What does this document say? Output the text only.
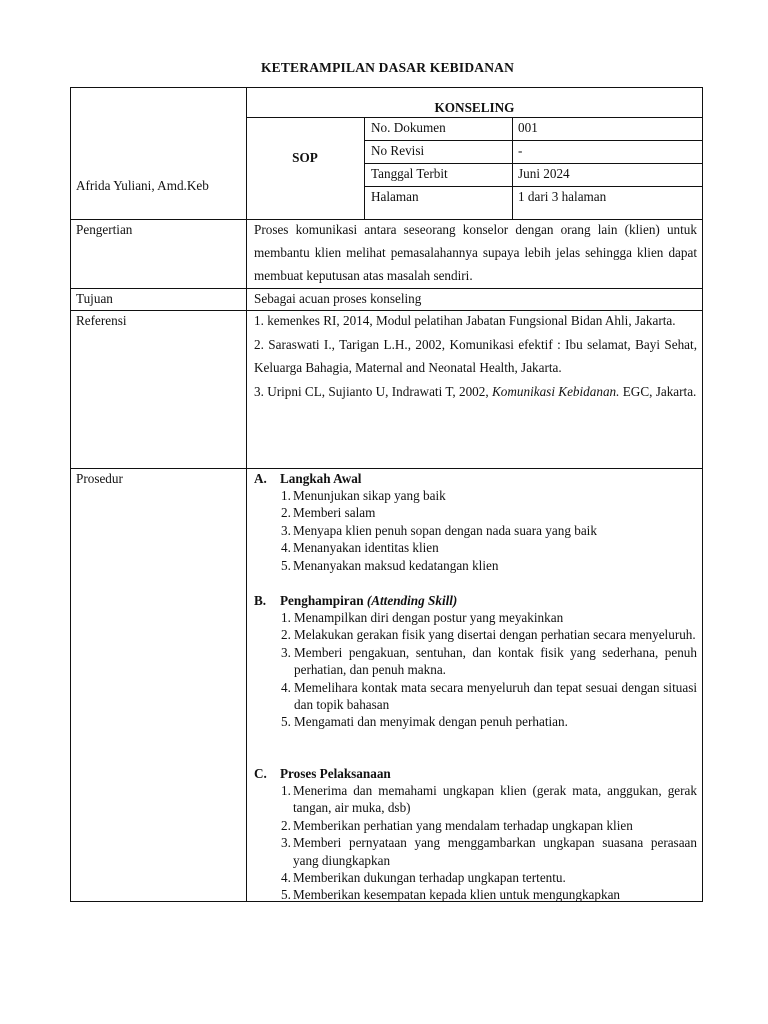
KETERAMPILAN DASAR KEBIDANAN
Afrida Yuliani, Amd.Keb
KONSELING
SOP
No. Dokumen	001
No Revisi	-
Tanggal Terbit	Juni 2024
Halaman	1 dari 3 halaman
Pengertian	Proses komunikasi antara seseorang konselor dengan orang lain (klien) untuk membantu klien melihat pemasalahannya supaya lebih jelas sehingga klien dapat membuat keputusan atas masalah sendiri.
Tujuan	Sebagai acuan proses konseling
Referensi	1. kemenkes RI, 2014, Modul pelatihan Jabatan Fungsional Bidan Ahli, Jakarta.
2. Saraswati I., Tarigan L.H., 2002, Komunikasi efektif : Ibu selamat, Bayi Sehat, Keluarga Bahagia, Maternal and Neonatal Health, Jakarta.
3. Uripni CL, Sujianto U, Indrawati T, 2002, Komunikasi Kebidanan. EGC, Jakarta.
Prosedur	A. Langkah Awal
1. Menunjukan sikap yang baik
2. Memberi salam
3. Menyapa klien penuh sopan dengan nada suara yang baik
4. Menanyakan identitas klien
5. Menanyakan maksud kedatangan klien
B. Penghampiran (Attending Skill)
1. Menampilkan diri dengan postur yang meyakinkan
2. Melakukan gerakan fisik yang disertai dengan perhatian secara menyeluruh.
3. Memberi pengakuan, sentuhan, dan kontak fisik yang sederhana, penuh perhatian, dan penuh makna.
4. Memelihara kontak mata secara menyeluruh dan tepat sesuai dengan situasi dan topik bahasan
5. Mengamati dan menyimak dengan penuh perhatian.
C. Proses Pelaksanaan
1. Menerima dan memahami ungkapan klien (gerak mata, anggukan, gerak tangan, air muka, dsb)
2. Memberikan perhatian yang mendalam terhadap ungkapan klien
3. Memberi pernyataan yang menggambarkan ungkapan suasana perasaan yang diungkapkan
4. Memberikan dukungan terhadap ungkapan tertentu.
5. Memberikan kesempatan kepada klien untuk mengungkapkan
